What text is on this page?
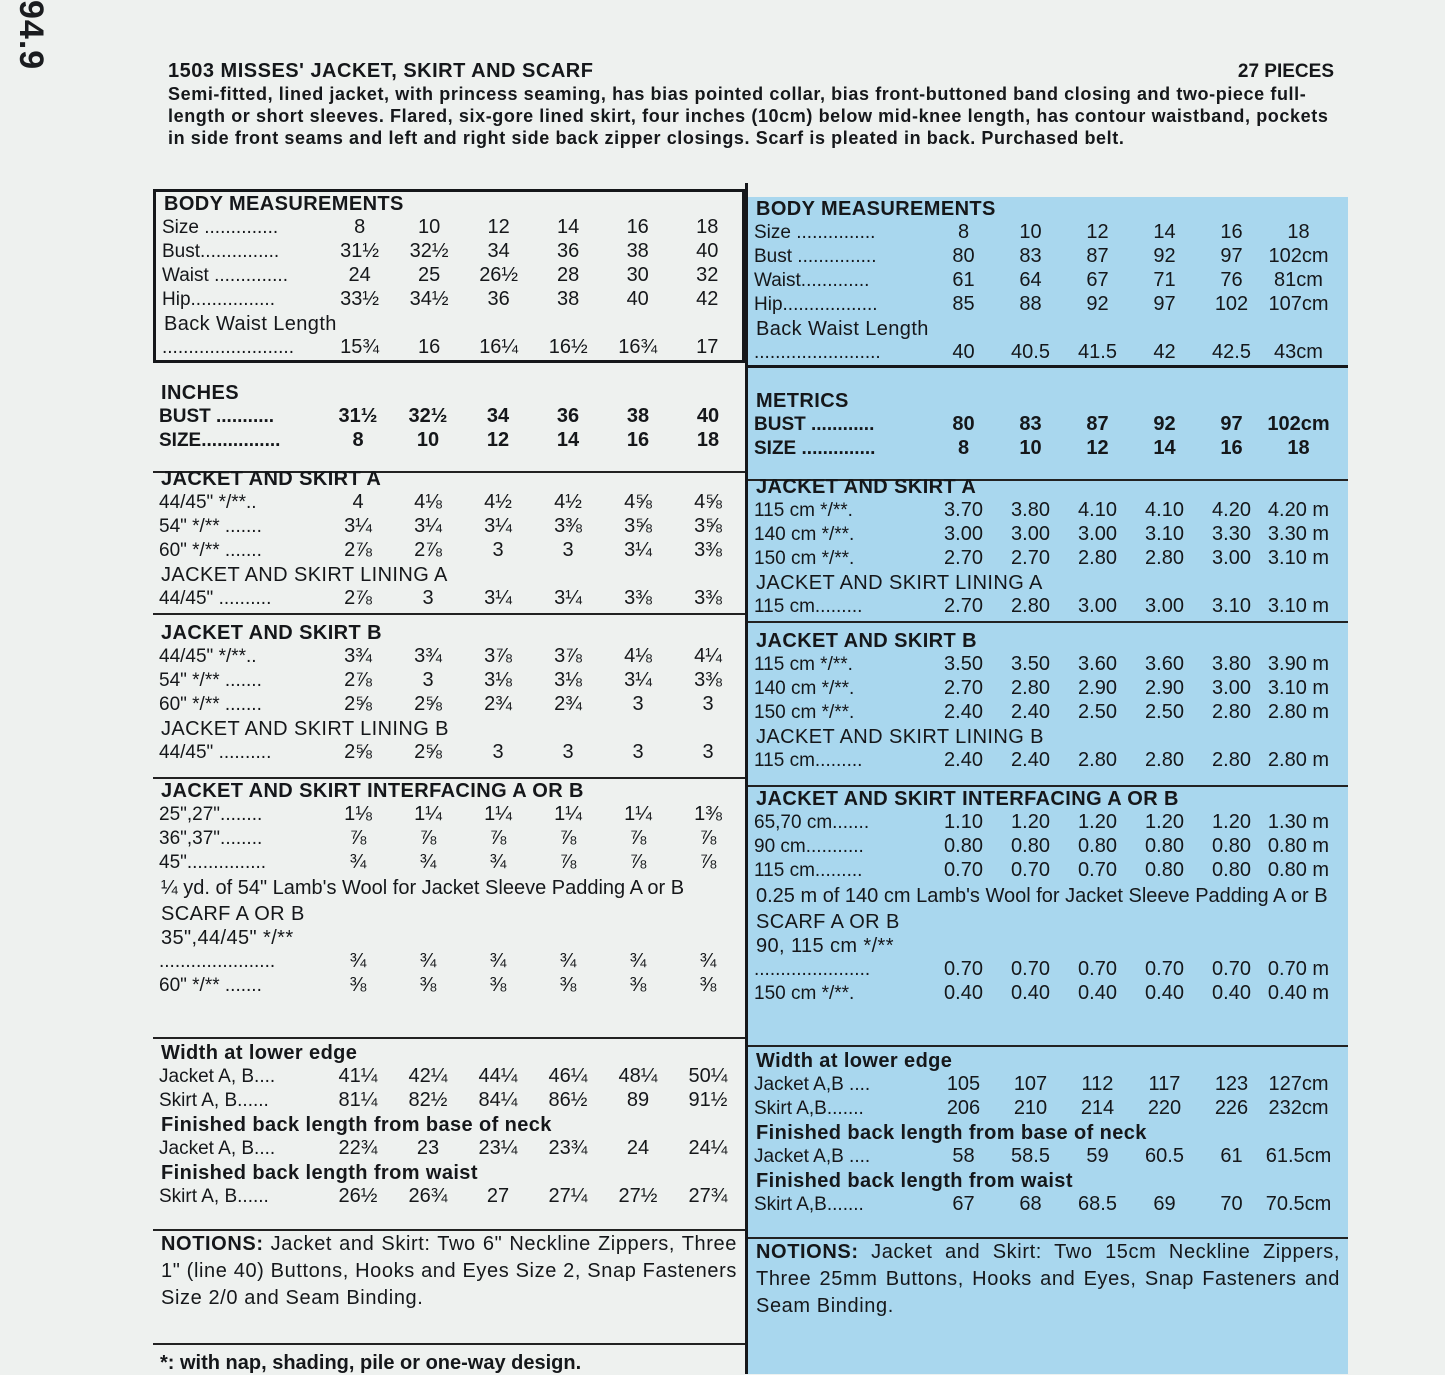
94.9
1503 MISSES' JACKET, SKIRT AND SCARF	27 PIECES
Semi-fitted, lined jacket, with princess seaming, has bias pointed collar, bias front-buttoned band closing and two-piece full-length or short sleeves. Flared, six-gore lined skirt, four inches (10cm) below mid-knee length, has contour waistband, pockets in side front seams and left and right side back zipper closings. Scarf is pleated in back. Purchased belt.
BODY MEASUREMENTS
Size ..............	8	10	12	14	16	18
Bust...............	31½	32½	34	36	38	40
Waist ..............	24	25	26½	28	30	32
Hip................	33½	34½	36	38	40	42
Back Waist Length
.........................	15¾	16	16¼	16½	16¾	17
INCHES
BUST ...........	31½	32½	34	36	38	40
SIZE...............	8	10	12	14	16	18
JACKET AND SKIRT A
44/45" */**..	4	4⅛	4½	4½	4⅝	4⅝
54" */** .......	3¼	3¼	3¼	3⅜	3⅝	3⅝
60" */** .......	2⅞	2⅞	3	3	3¼	3⅜
JACKET AND SKIRT LINING A
44/45" ..........	2⅞	3	3¼	3¼	3⅜	3⅜
JACKET AND SKIRT B
44/45" */**..	3¾	3¾	3⅞	3⅞	4⅛	4¼
54" */** .......	2⅞	3	3⅛	3⅛	3¼	3⅜
60" */** .......	2⅝	2⅝	2¾	2¾	3	3
JACKET AND SKIRT LINING B
44/45" ..........	2⅝	2⅝	3	3	3	3
JACKET AND SKIRT INTERFACING A OR B
25",27"........	1⅛	1¼	1¼	1¼	1¼	1⅜
36",37"........	⅞	⅞	⅞	⅞	⅞	⅞
45"...............	¾	¾	¾	⅞	⅞	⅞
¼ yd. of 54" Lamb's Wool for Jacket Sleeve Padding A or B
SCARF A OR B
35",44/45" */**
......................	¾	¾	¾	¾	¾	¾
60" */** .......	⅜	⅜	⅜	⅜	⅜	⅜
Width at lower edge
Jacket A, B....	41¼	42¼	44¼	46¼	48¼	50¼
Skirt A, B......	81¼	82½	84¼	86½	89	91½
Finished back length from base of neck
Jacket A, B....	22¾	23	23¼	23¾	24	24¼
Finished back length from waist
Skirt A, B......	26½	26¾	27	27¼	27½	27¾
NOTIONS: Jacket and Skirt: Two 6" Neckline Zippers, Three 1" (line 40) Buttons, Hooks and Eyes Size 2, Snap Fasteners Size 2/0 and Seam Binding.
BODY MEASUREMENTS
Size ...............	8	10	12	14	16	18
Bust ...............	80	83	87	92	97	102cm
Waist.............	61	64	67	71	76	81cm
Hip..................	85	88	92	97	102	107cm
Back Waist Length
........................	40	40.5	41.5	42	42.5	43cm
METRICS
BUST ............	80	83	87	92	97	102cm
SIZE ..............	8	10	12	14	16	18
JACKET AND SKIRT A
115 cm */**.	3.70	3.80	4.10	4.10	4.20 4.20 m
140 cm */**.	3.00	3.00	3.00	3.10	3.30 3.30 m
150 cm */**.	2.70	2.70	2.80	2.80	3.00 3.10 m
JACKET AND SKIRT LINING A
115 cm.........	2.70	2.80	3.00	3.00	3.10 3.10 m
JACKET AND SKIRT B
115 cm */**.	3.50	3.50	3.60	3.60	3.80 3.90 m
140 cm */**.	2.70	2.80	2.90	2.90	3.00 3.10 m
150 cm */**.	2.40	2.40	2.50	2.50	2.80 2.80 m
JACKET AND SKIRT LINING B
115 cm.........	2.40	2.40	2.80	2.80	2.80 2.80 m
JACKET AND SKIRT INTERFACING A OR B
65,70 cm.......	1.10	1.20	1.20	1.20	1.20 1.30 m
90 cm...........	0.80	0.80	0.80	0.80	0.80 0.80 m
115 cm.........	0.70	0.70	0.70	0.80	0.80 0.80 m
0.25 m of 140 cm Lamb's Wool for Jacket Sleeve Padding A or B
SCARF A OR B
90, 115 cm */**
......................	0.70	0.70	0.70	0.70	0.70 0.70 m
150 cm */**.	0.40	0.40	0.40	0.40	0.40 0.40 m
Width at lower edge
Jacket A,B ....	105	107	112	117	123	127cm
Skirt A,B.......	206	210	214	220	226	232cm
Finished back length from base of neck
Jacket A,B ....	58	58.5	59	60.5	61	61.5cm
Finished back length from waist
Skirt A,B.......	67	68	68.5	69	70	70.5cm
NOTIONS: Jacket and Skirt: Two 15cm Neckline Zippers, Three 25mm Buttons, Hooks and Eyes, Snap Fasteners and Seam Binding.
*: with nap, shading, pile or one-way design.
